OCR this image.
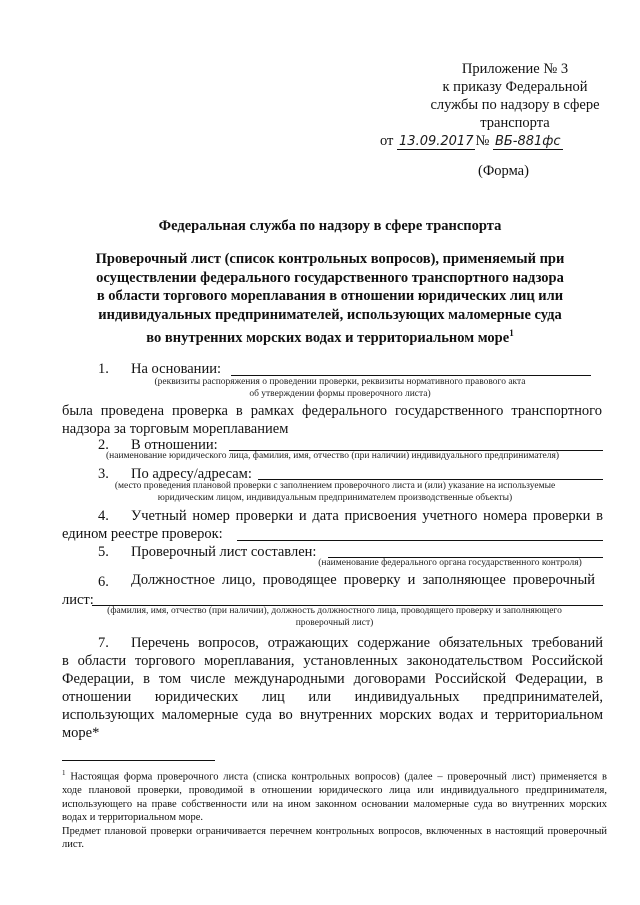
Приложение № 3
к приказу Федеральной
службы по надзору в сфере
транспорта
от 13.09.2017 № ВБ-881фс
(Форма)
Федеральная служба по надзору в сфере транспорта
Проверочный лист (список контрольных вопросов), применяемый при
осуществлении федерального государственного транспортного надзора
в области торгового мореплавания в отношении юридических лиц или
индивидуальных предпринимателей, использующих маломерные суда
во внутренних морских водах и территориальном море$^1$
1. На основании:
(реквизиты распоряжения о проведении проверки, реквизиты нормативного правового акта
об утверждении формы проверочного листа)
была проведена проверка в рамках федерального государственного транспортного
надзора за торговым мореплаванием
2. В отношении:
(наименование юридического лица, фамилия, имя, отчество (при наличии) индивидуального предпринимателя)
3. По адресу/адресам:
(место проведения плановой проверки с заполнением проверочного листа и (или) указание на используемые
юридическим лицом, индивидуальным предпринимателем производственные объекты)
4. Учетный номер проверки и дата присвоения учетного номера проверки в
едином реестре проверок:
5. Проверочный лист составлен:
(наименование федерального органа государственного контроля)
6. Должностное лицо, проводящее проверку и заполняющее проверочный
лист:
(фамилия, имя, отчество (при наличии), должность должностного лица, проводящего проверку и заполняющего
проверочный лист)
7. Перечень вопросов, отражающих содержание обязательных требований
в области торгового мореплавания, установленных законодательством Российской
Федерации, в том числе международными договорами Российской Федерации, в
отношении юридических лиц или индивидуальных предпринимателей,
использующих маломерные суда во внутренних морских водах и территориальном
море*
$^1$ Настоящая форма проверочного листа (списка контрольных вопросов) (далее – проверочный лист) применяется в
ходе плановой проверки, проводимой в отношении юридического лица или индивидуального предпринимателя,
использующего на праве собственности или на ином законном основании маломерные суда во внутренних морских
водах и территориальном море.
Предмет плановой проверки ограничивается перечнем контрольных вопросов, включенных в настоящий проверочный
лист.
